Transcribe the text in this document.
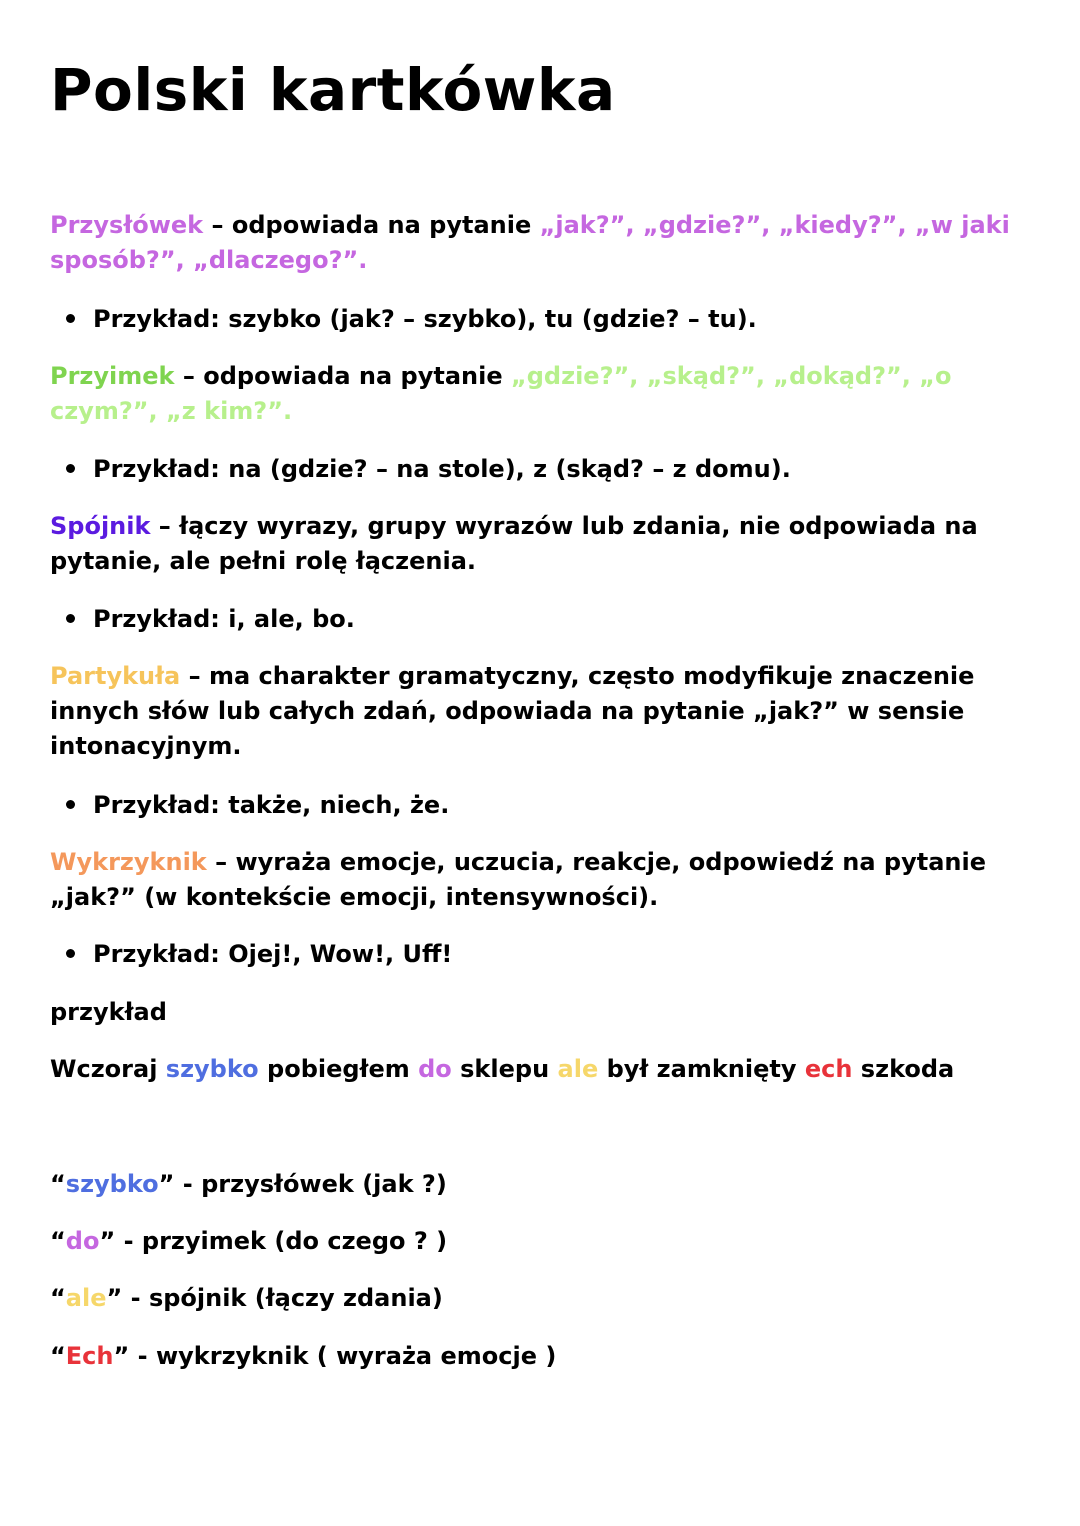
Polski kartkówka
Przysłówek – odpowiada na pytanie „jak?”, „gdzie?”, „kiedy?”, „w jaki sposób?”, „dlaczego?”.
Przykład: szybko (jak? – szybko), tu (gdzie? – tu).
Przyimek – odpowiada na pytanie „gdzie?”, „skąd?”, „dokąd?”, „o czym?”, „z kim?”.
Przykład: na (gdzie? – na stole), z (skąd? – z domu).
Spójnik – łączy wyrazy, grupy wyrazów lub zdania, nie odpowiada na pytanie, ale pełni rolę łączenia.
Przykład: i, ale, bo.
Partykuła – ma charakter gramatyczny, często modyfikuje znaczenie innych słów lub całych zdań, odpowiada na pytanie „jak?” w sensie intonacyjnym.
Przykład: także, niech, że.
Wykrzyknik – wyraża emocje, uczucia, reakcje, odpowiedź na pytanie „jak?” (w kontekście emocji, intensywności).
Przykład: Ojej!, Wow!, Uff!
przykład
Wczoraj szybko pobiegłem do sklepu ale był zamknięty ech szkoda
“szybko” - przysłówek (jak ?)
“do” - przyimek (do czego ? )
“ale” - spójnik (łączy zdania)
“Ech” - wykrzyknik ( wyraża emocje )
